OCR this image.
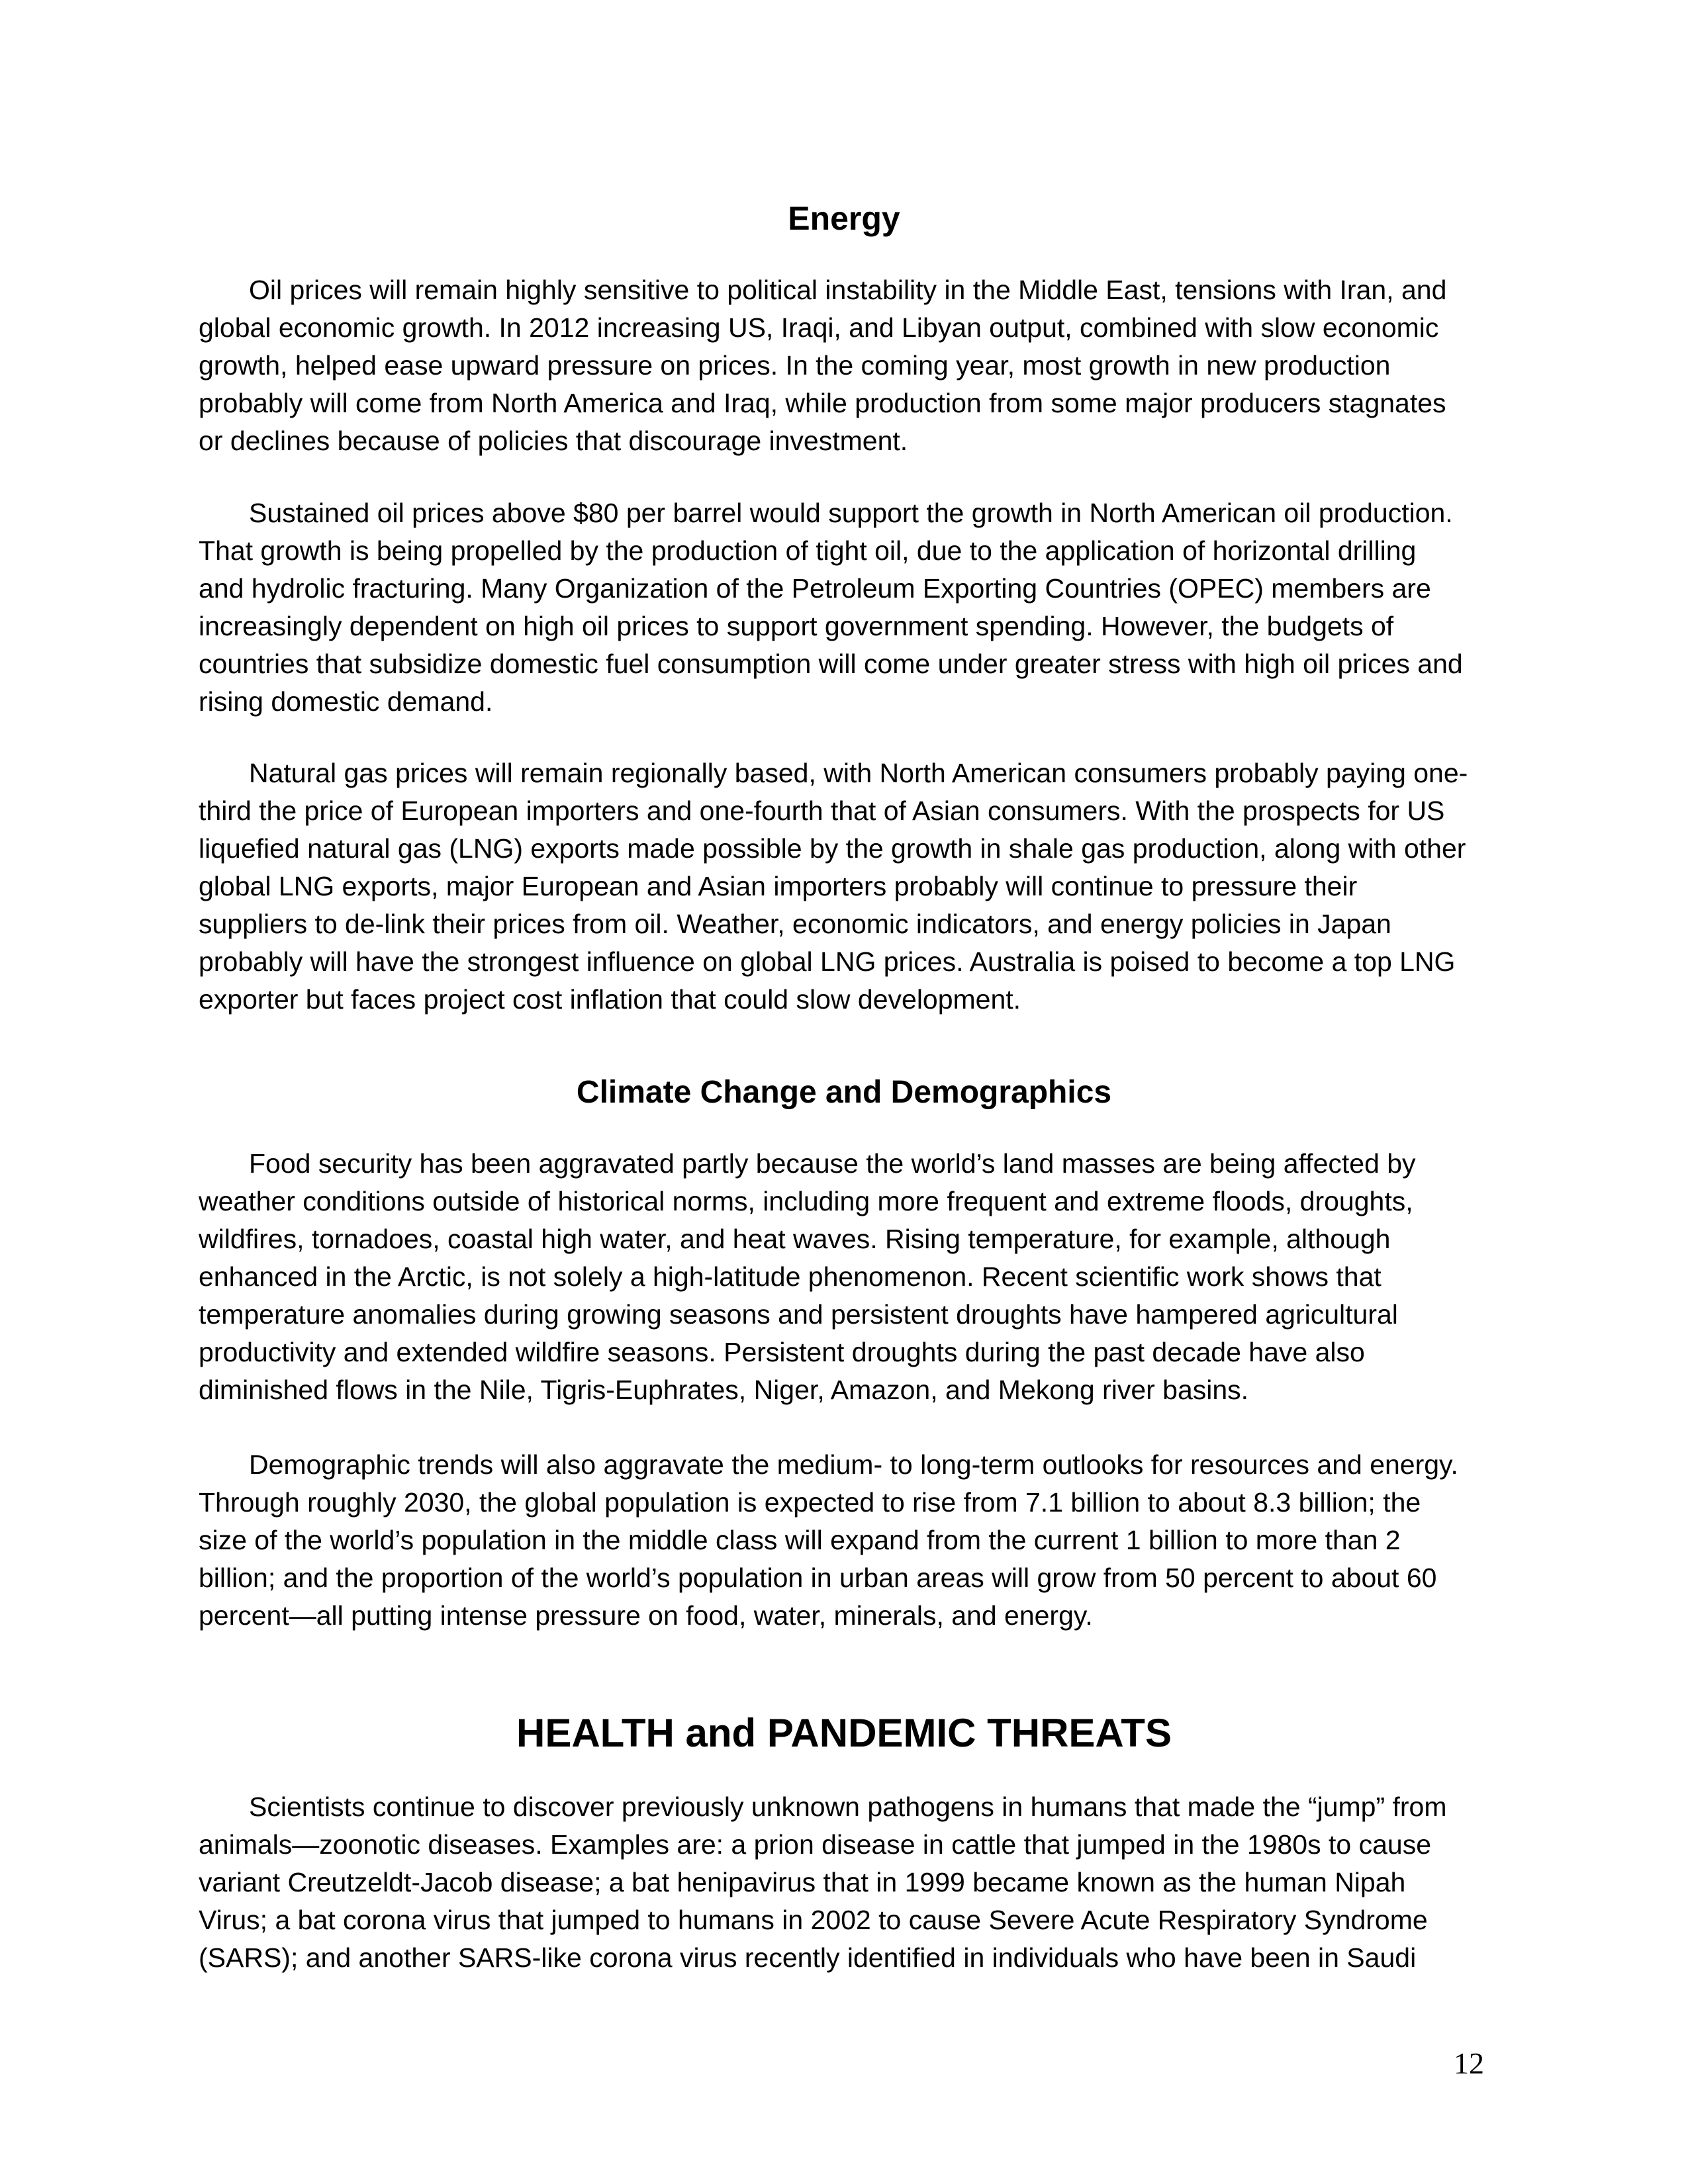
Energy

Oil prices will remain highly sensitive to political instability in the Middle East, tensions with Iran, and
global economic growth. In 2012 increasing US, Iraqi, and Libyan output, combined with slow economic
growth, helped ease upward pressure on prices. In the coming year, most growth in new production
probably will come from North America and Iraq, while production from some major producers stagnates
or declines because of policies that discourage investment.

Sustained oil prices above $80 per barrel would support the growth in North American oil production.
That growth is being propelled by the production of tight oil, due to the application of horizontal drilling
and hydrolic fracturing. Many Organization of the Petroleum Exporting Countries (OPEC) members are
increasingly dependent on high oil prices to support government spending. However, the budgets of
countries that subsidize domestic fuel consumption will come under greater stress with high oil prices and
rising domestic demand.

Natural gas prices will remain regionally based, with North American consumers probably paying one-
third the price of European importers and one-fourth that of Asian consumers. With the prospects for US
liquefied natural gas (LNG) exports made possible by the growth in shale gas production, along with other
global LNG exports, major European and Asian importers probably will continue to pressure their
suppliers to de-link their prices from oil. Weather, economic indicators, and energy policies in Japan
probably will have the strongest influence on global LNG prices. Australia is poised to become a top LNG
exporter but faces project cost inflation that could slow development.

Climate Change and Demographics

Food security has been aggravated partly because the world’s land masses are being affected by
weather conditions outside of historical norms, including more frequent and extreme floods, droughts,
wildfires, tornadoes, coastal high water, and heat waves. Rising temperature, for example, although
enhanced in the Arctic, is not solely a high-latitude phenomenon. Recent scientific work shows that
temperature anomalies during growing seasons and persistent droughts have hampered agricultural
productivity and extended wildfire seasons. Persistent droughts during the past decade have also
diminished flows in the Nile, Tigris-Euphrates, Niger, Amazon, and Mekong river basins.

Demographic trends will also aggravate the medium- to long-term outlooks for resources and energy.
Through roughly 2030, the global population is expected to rise from 7.1 billion to about 8.3 billion; the
size of the world’s population in the middle class will expand from the current 1 billion to more than 2
billion; and the proportion of the world’s population in urban areas will grow from 50 percent to about 60
percent—all putting intense pressure on food, water, minerals, and energy.

HEALTH and PANDEMIC THREATS

Scientists continue to discover previously unknown pathogens in humans that made the “jump” from
animals—zoonotic diseases. Examples are: a prion disease in cattle that jumped in the 1980s to cause
variant Creutzeldt-Jacob disease; a bat henipavirus that in 1999 became known as the human Nipah
Virus; a bat corona virus that jumped to humans in 2002 to cause Severe Acute Respiratory Syndrome
(SARS); and another SARS-like corona virus recently identified in individuals who have been in Saudi

12
